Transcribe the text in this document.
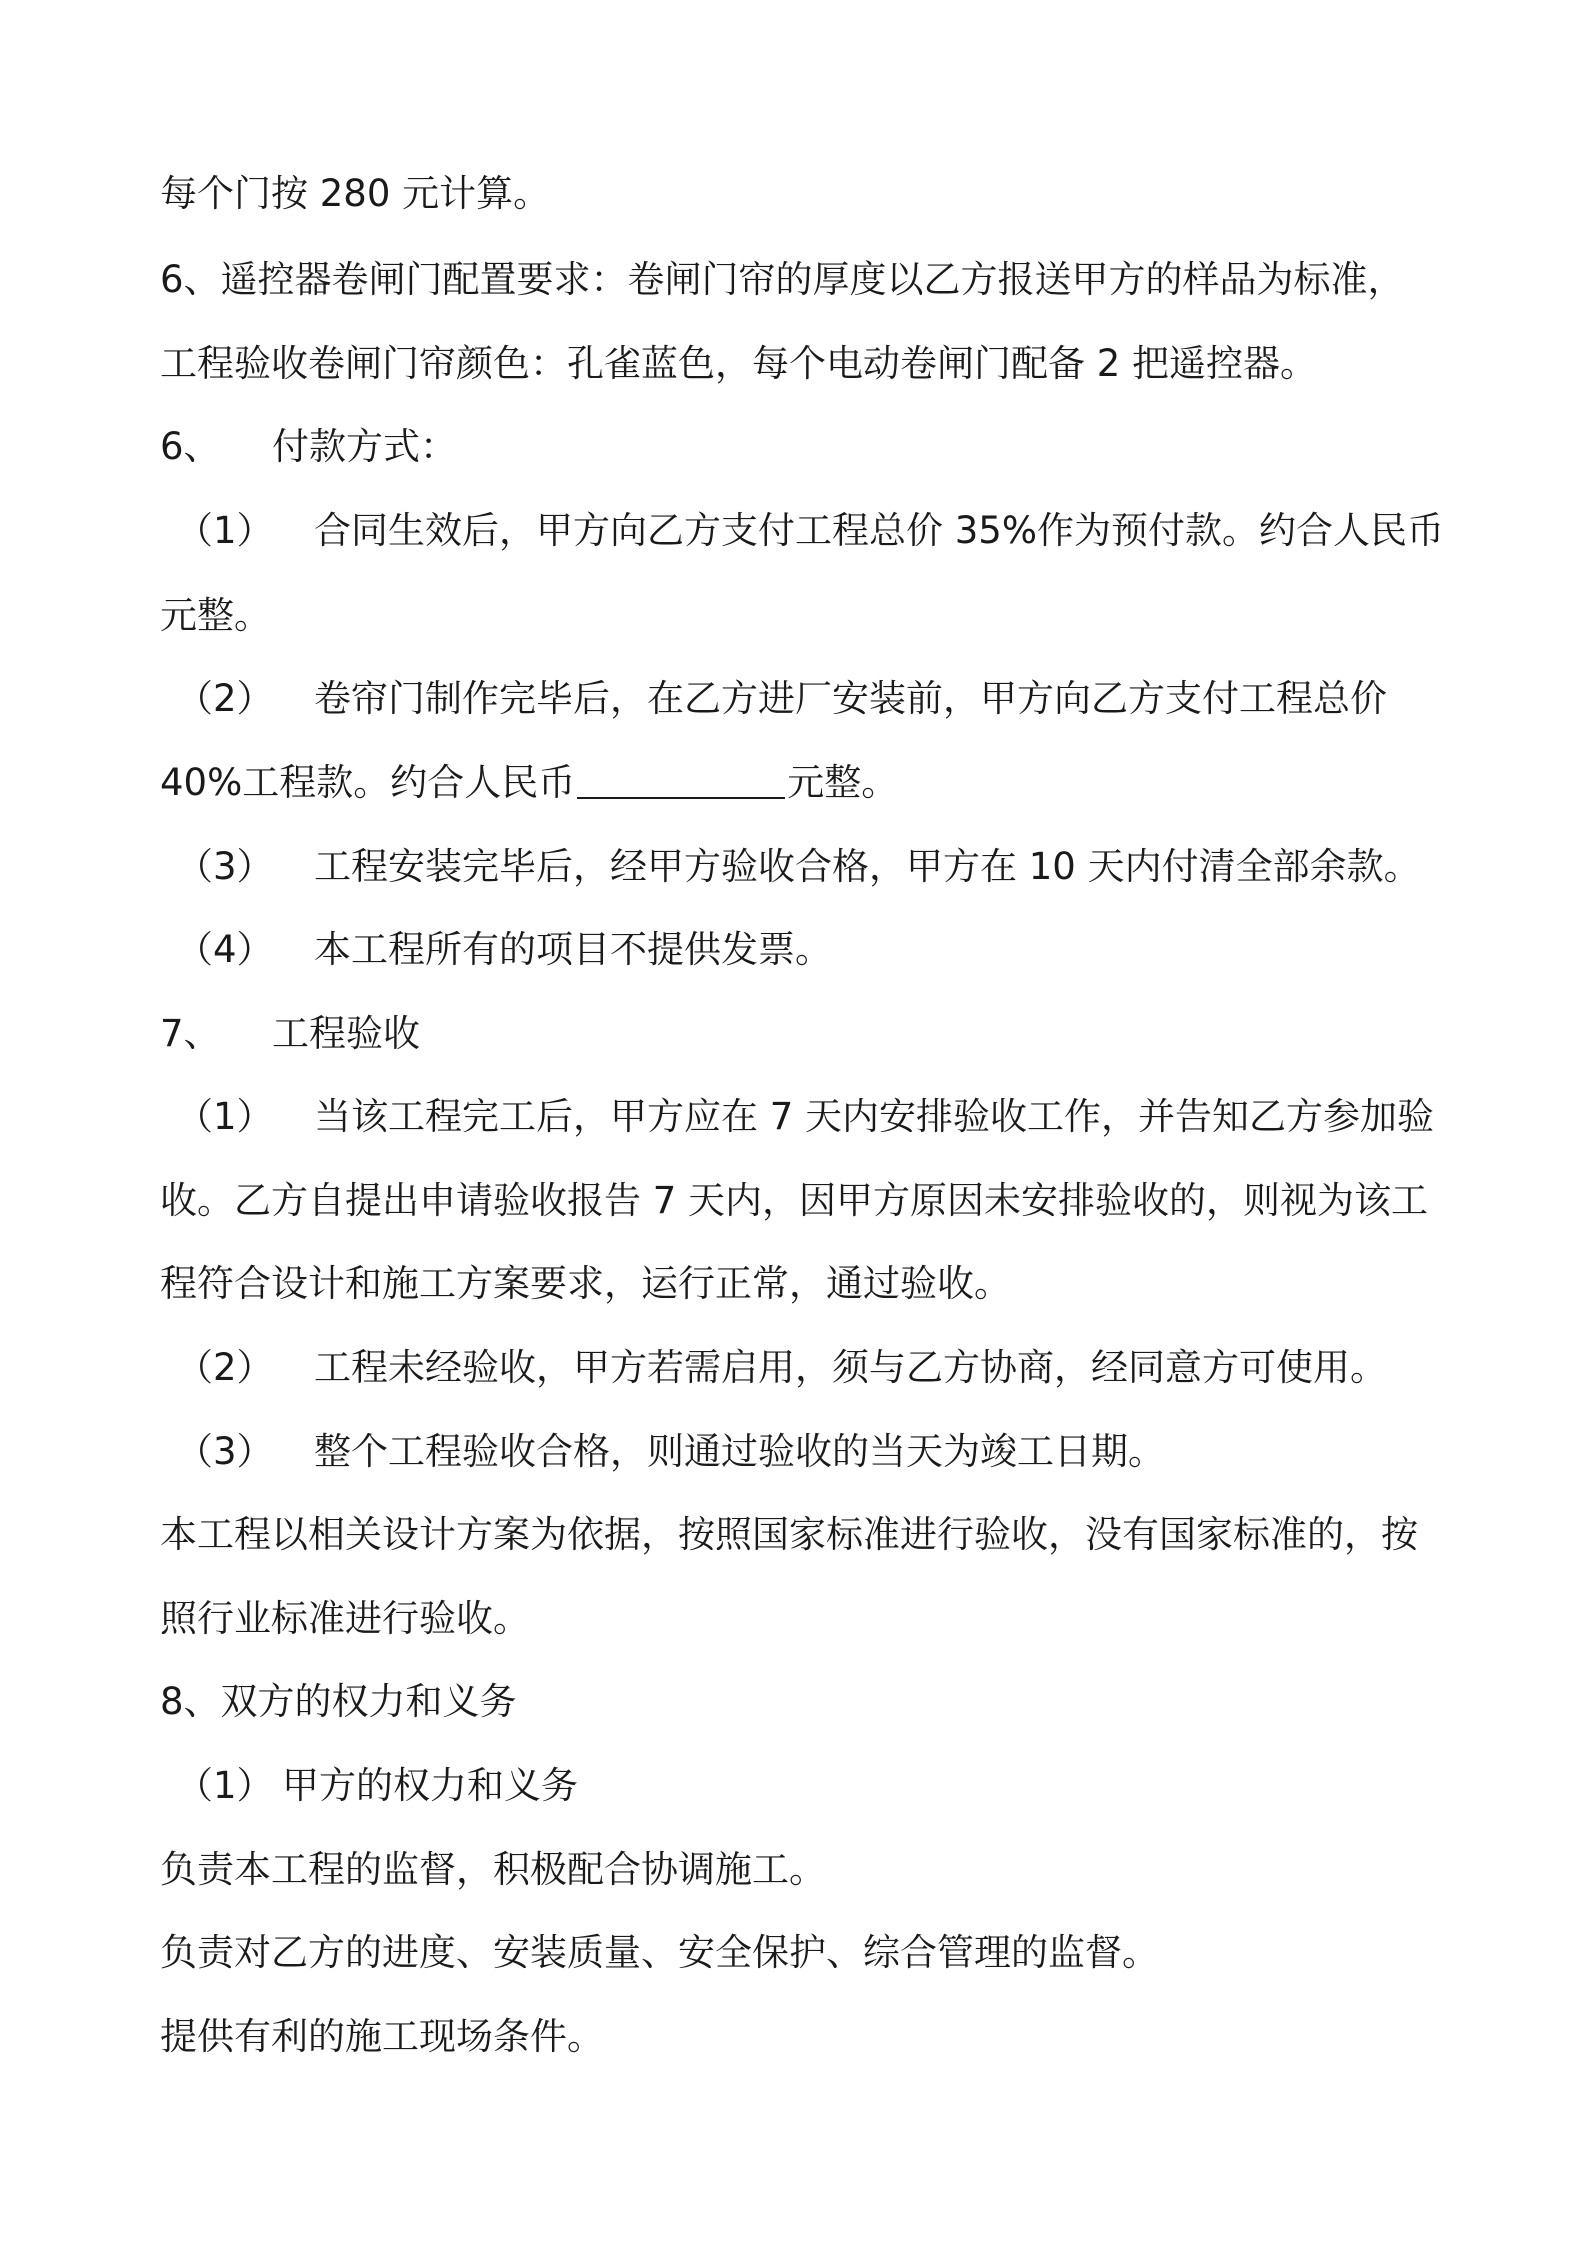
每个门按 280 元计算。
6、遥控器卷闸门配置要求：卷闸门帘的厚度以乙方报送甲方的样品为标准，
工程验收卷闸门帘颜色：孔雀蓝色，每个电动卷闸门配备 2 把遥控器。
6、 付款方式：
（1） 合同生效后，甲方向乙方支付工程总价 35%作为预付款。约合人民币
元整。
（2） 卷帘门制作完毕后，在乙方进厂安装前，甲方向乙方支付工程总价
40%工程款。约合人民币	元整。
（3） 工程安装完毕后，经甲方验收合格，甲方在 10 天内付清全部余款。
（4） 本工程所有的项目不提供发票。
7、 工程验收
（1） 当该工程完工后，甲方应在 7 天内安排验收工作，并告知乙方参加验
收。乙方自提出申请验收报告 7 天内，因甲方原因未安排验收的，则视为该工
程符合设计和施工方案要求，运行正常，通过验收。
（2） 工程未经验收，甲方若需启用，须与乙方协商，经同意方可使用。
（3） 整个工程验收合格，则通过验收的当天为竣工日期。
本工程以相关设计方案为依据，按照国家标准进行验收，没有国家标准的，按
照行业标准进行验收。
8、双方的权力和义务
（1） 甲方的权力和义务
负责本工程的监督，积极配合协调施工。
负责对乙方的进度、安装质量、安全保护、综合管理的监督。
提供有利的施工现场条件。
